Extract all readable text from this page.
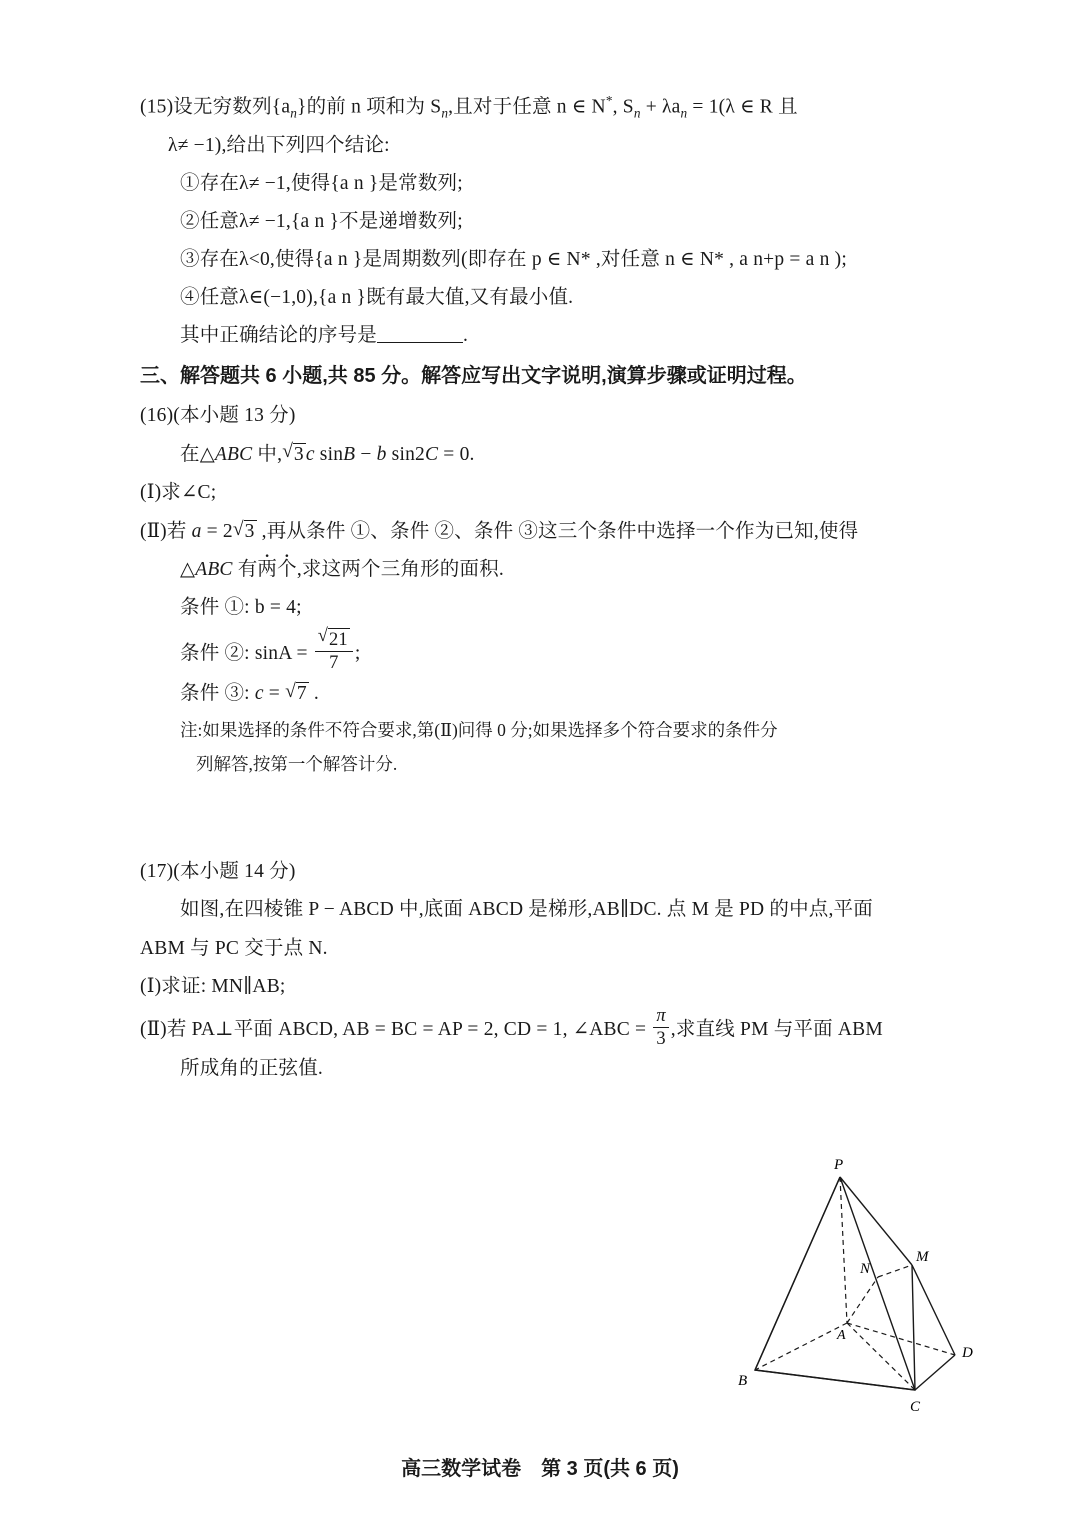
(15)设无穷数列$\{a_n\}$的前 n 项和为 $S_n$,且对于任意 n ∈ N*, $S_n + \lambda a_n = 1(\lambda$ ∈ R 且
λ≠ −1),给出下列四个结论:
①存在λ≠ −1,使得{a n }是常数列;
②任意λ≠ −1,{a n }不是递增数列;
③存在λ<0,使得{a n }是周期数列(即存在 p ∈ N* ,对任意 n ∈ N* , a n+p = a n );
④任意λ∈(−1,0),{a n }既有最大值,又有最小值.
其中正确结论的序号是	.
三、解答题共 6 小题,共 85 分。解答应写出文字说明,演算步骤或证明过程。
(16)(本小题 13 分)
在△ABC 中, √ 3 c sinB − b sin2C = 0.
(Ⅰ)求∠C;
(Ⅱ)若 a = 2 √ 3 ,再从条件 ①、条件 ②、条件 ③这三个条件中选择一个作为已知,使得
△ABC 有两个,求这两个三角形的面积.
条件 ①: b = 4;
条件 ②: sinA = √ $\frac{21}{7}$ ;
条件 ③: c = √ 7 .
注:如果选择的条件不符合要求,第(Ⅱ)问得 0 分;如果选择多个符合要求的条件分
列解答,按第一个解答计分.
(17)(本小题 14 分)
如图,在四棱锥 P − ABCD 中,底面 ABCD 是梯形,AB∥DC. 点 M 是 PD 的中点,平面
ABM 与 PC 交于点 N.
(Ⅰ)求证: MN∥AB;
(Ⅱ)若 PA⊥平面 ABCD, AB = BC = AP = 2, CD = 1, ∠ABC = $\frac{\pi}{3}$ ,求直线 PM 与平面 ABM
所成角的正弦值.
P
M
N
A
B
C
D
高三数学试卷　第 3 页(共 6 页)
